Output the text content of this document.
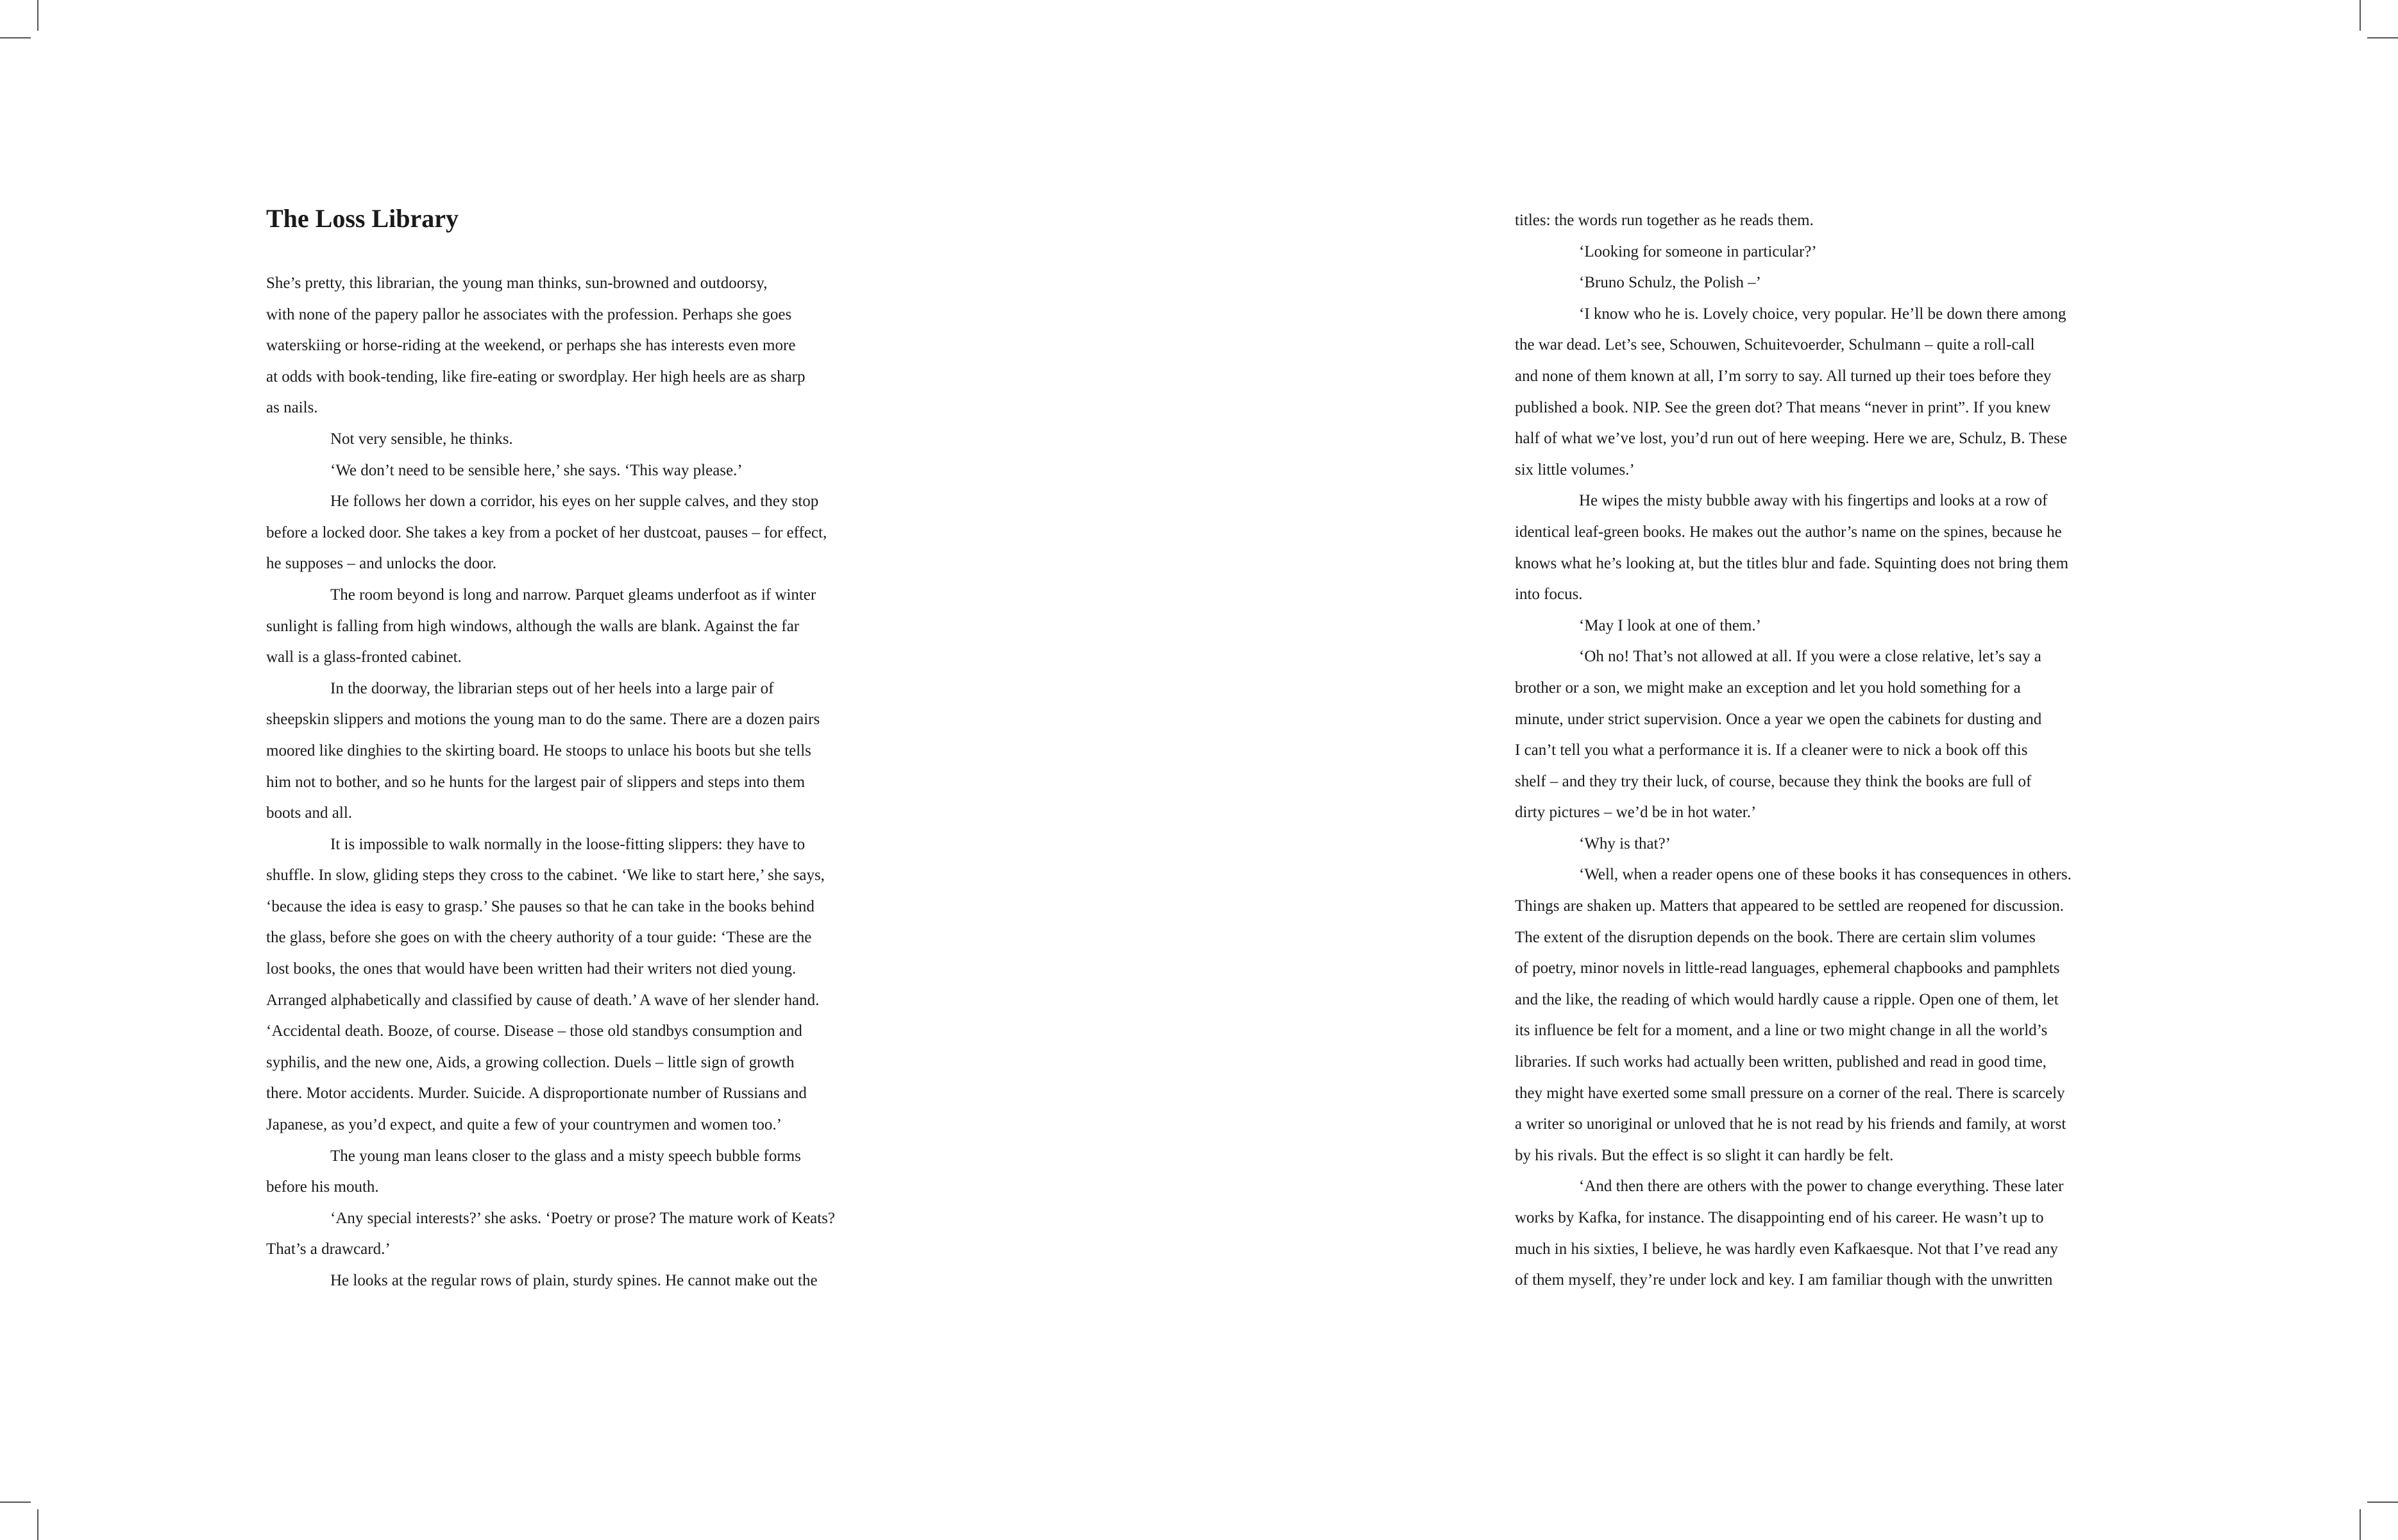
The Loss Library
She’s pretty, this librarian, the young man thinks, sun-browned and outdoorsy,
with none of the papery pallor he associates with the profession. Perhaps she goes
waterskiing or horse-riding at the weekend, or perhaps she has interests even more
at odds with book-tending, like fire-eating or swordplay. Her high heels are as sharp
as nails.
Not very sensible, he thinks.
‘We don’t need to be sensible here,’ she says. ‘This way please.’
He follows her down a corridor, his eyes on her supple calves, and they stop
before a locked door. She takes a key from a pocket of her dustcoat, pauses – for effect,
he supposes – and unlocks the door.
The room beyond is long and narrow. Parquet gleams underfoot as if winter
sunlight is falling from high windows, although the walls are blank. Against the far
wall is a glass-fronted cabinet.
In the doorway, the librarian steps out of her heels into a large pair of
sheepskin slippers and motions the young man to do the same. There are a dozen pairs
moored like dinghies to the skirting board. He stoops to unlace his boots but she tells
him not to bother, and so he hunts for the largest pair of slippers and steps into them
boots and all.
It is impossible to walk normally in the loose-fitting slippers: they have to
shuffle. In slow, gliding steps they cross to the cabinet. ‘We like to start here,’ she says,
‘because the idea is easy to grasp.’ She pauses so that he can take in the books behind
the glass, before she goes on with the cheery authority of a tour guide: ‘These are the
lost books, the ones that would have been written had their writers not died young.
Arranged alphabetically and classified by cause of death.’ A wave of her slender hand.
‘Accidental death. Booze, of course. Disease – those old standbys consumption and
syphilis, and the new one, Aids, a growing collection. Duels – little sign of growth
there. Motor accidents. Murder. Suicide. A disproportionate number of Russians and
Japanese, as you’d expect, and quite a few of your countrymen and women too.’
The young man leans closer to the glass and a misty speech bubble forms
before his mouth.
‘Any special interests?’ she asks. ‘Poetry or prose? The mature work of Keats?
That’s a drawcard.’
He looks at the regular rows of plain, sturdy spines. He cannot make out the
titles: the words run together as he reads them.
‘Looking for someone in particular?’
‘Bruno Schulz, the Polish –’
‘I know who he is. Lovely choice, very popular. He’ll be down there among
the war dead. Let’s see, Schouwen, Schuitevoerder, Schulmann – quite a roll-call
and none of them known at all, I’m sorry to say. All turned up their toes before they
published a book. NIP. See the green dot? That means “never in print”. If you knew
half of what we’ve lost, you’d run out of here weeping. Here we are, Schulz, B. These
six little volumes.’
He wipes the misty bubble away with his fingertips and looks at a row of
identical leaf-green books. He makes out the author’s name on the spines, because he
knows what he’s looking at, but the titles blur and fade. Squinting does not bring them
into focus.
‘May I look at one of them.’
‘Oh no! That’s not allowed at all. If you were a close relative, let’s say a
brother or a son, we might make an exception and let you hold something for a
minute, under strict supervision. Once a year we open the cabinets for dusting and
I can’t tell you what a performance it is. If a cleaner were to nick a book off this
shelf – and they try their luck, of course, because they think the books are full of
dirty pictures – we’d be in hot water.’
‘Why is that?’
‘Well, when a reader opens one of these books it has consequences in others.
Things are shaken up. Matters that appeared to be settled are reopened for discussion.
The extent of the disruption depends on the book. There are certain slim volumes
of poetry, minor novels in little-read languages, ephemeral chapbooks and pamphlets
and the like, the reading of which would hardly cause a ripple. Open one of them, let
its influence be felt for a moment, and a line or two might change in all the world’s
libraries. If such works had actually been written, published and read in good time,
they might have exerted some small pressure on a corner of the real. There is scarcely
a writer so unoriginal or unloved that he is not read by his friends and family, at worst
by his rivals. But the effect is so slight it can hardly be felt.
‘And then there are others with the power to change everything. These later
works by Kafka, for instance. The disappointing end of his career. He wasn’t up to
much in his sixties, I believe, he was hardly even Kafkaesque. Not that I’ve read any
of them myself, they’re under lock and key. I am familiar though with the unwritten
